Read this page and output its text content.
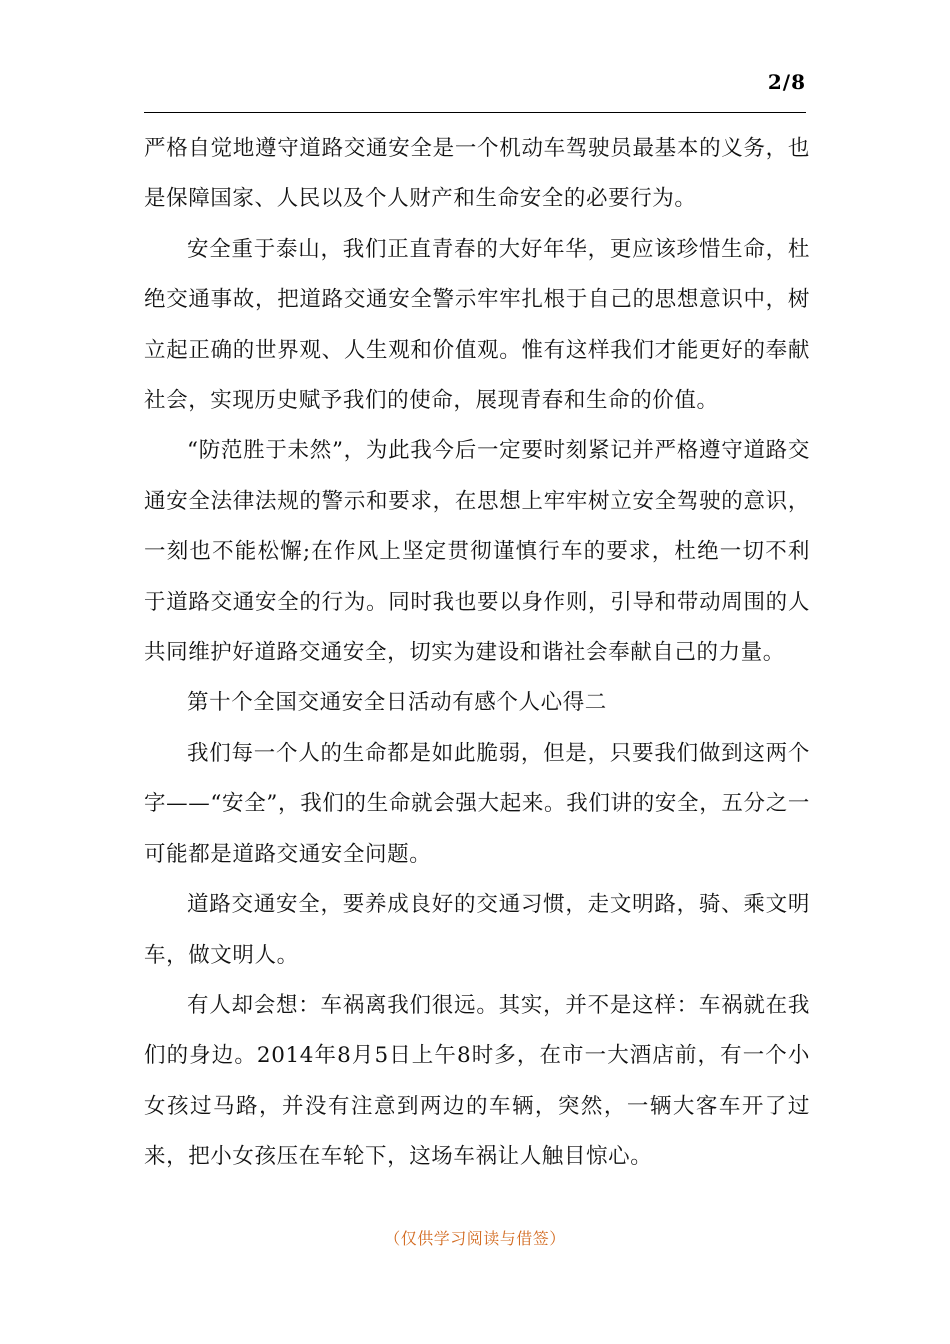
2/8

严格自觉地遵守道路交通安全是一个机动车驾驶员最基本的义务，也是保障国家、人民以及个人财产和生命安全的必要行为。

安全重于泰山，我们正直青春的大好年华，更应该珍惜生命，杜绝交通事故，把道路交通安全警示牢牢扎根于自己的思想意识中，树立起正确的世界观、人生观和价值观。惟有这样我们才能更好的奉献社会，实现历史赋予我们的使命，展现青春和生命的价值。

“防范胜于未然”，为此我今后一定要时刻紧记并严格遵守道路交通安全法律法规的警示和要求，在思想上牢牢树立安全驾驶的意识，一刻也不能松懈;在作风上坚定贯彻谨慎行车的要求，杜绝一切不利于道路交通安全的行为。同时我也要以身作则，引导和带动周围的人共同维护好道路交通安全，切实为建设和谐社会奉献自己的力量。

第十个全国交通安全日活动有感个人心得二

我们每一个人的生命都是如此脆弱，但是，只要我们做到这两个字——“安全”，我们的生命就会强大起来。我们讲的安全，五分之一可能都是道路交通安全问题。

道路交通安全，要养成良好的交通习惯，走文明路，骑、乘文明车，做文明人。

有人却会想：车祸离我们很远。其实，并不是这样：车祸就在我们的身边。2014年8月5日上午8时多，在市一大酒店前，有一个小女孩过马路，并没有注意到两边的车辆，突然，一辆大客车开了过来，把小女孩压在车轮下，这场车祸让人触目惊心。

（仅供学习阅读与借签）
